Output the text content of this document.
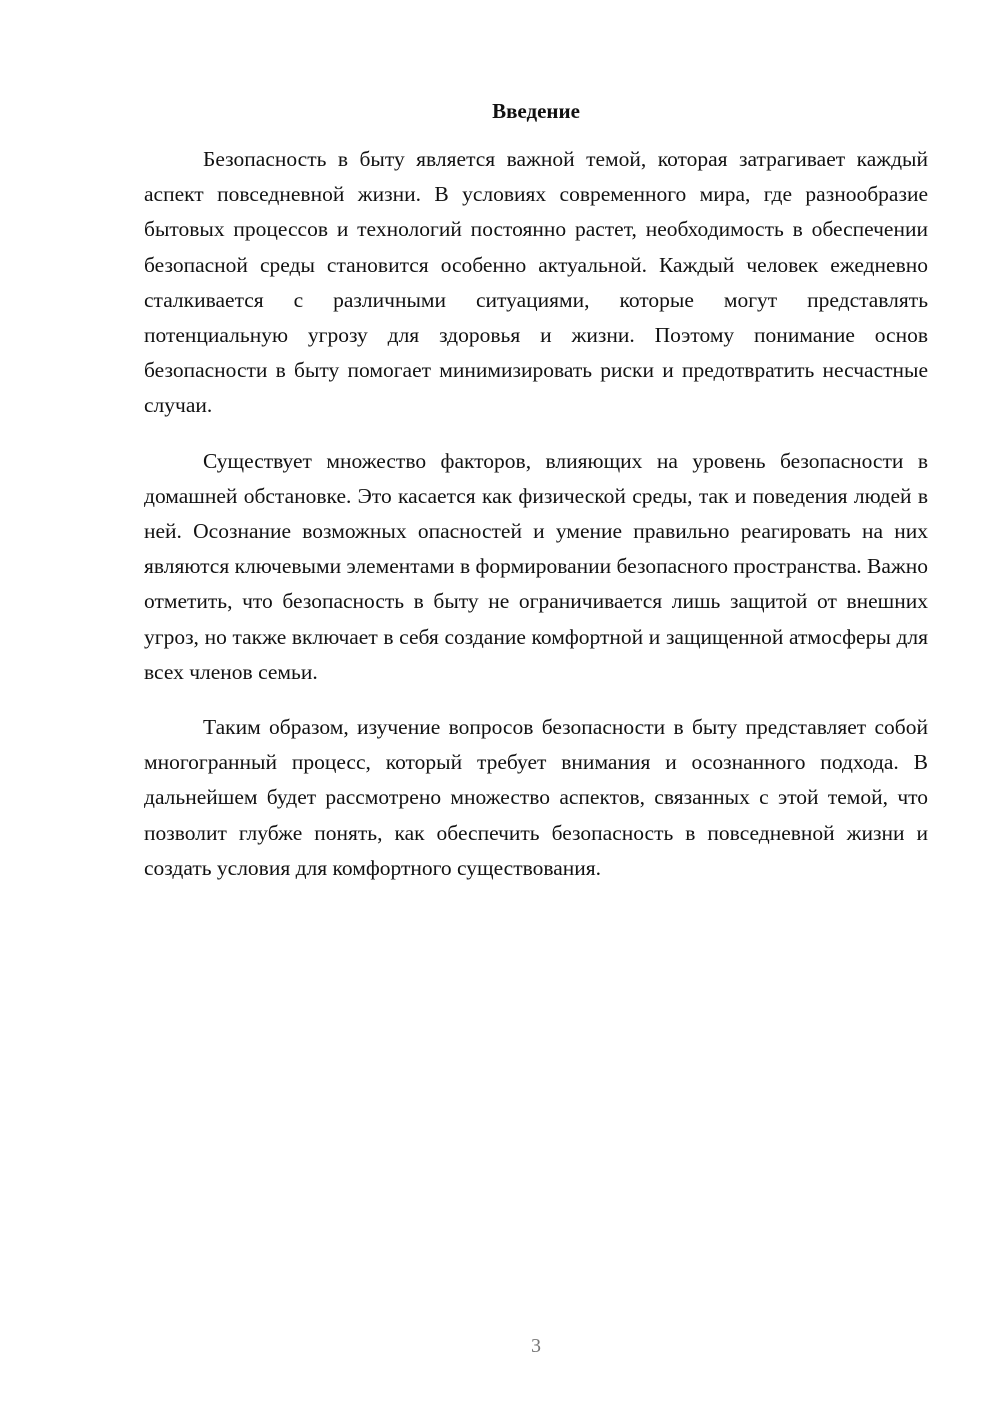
Введение

Безопасность в быту является важной темой, которая затрагивает каждый аспект повседневной жизни. В условиях современного мира, где разнообразие бытовых процессов и технологий постоянно растет, необходимость в обеспечении безопасной среды становится особенно актуальной. Каждый человек ежедневно сталкивается с различными ситуациями, которые могут представлять потенциальную угрозу для здоровья и жизни. Поэтому понимание основ безопасности в быту помогает минимизировать риски и предотвратить несчастные случаи.

Существует множество факторов, влияющих на уровень безопасности в домашней обстановке. Это касается как физической среды, так и поведения людей в ней. Осознание возможных опасностей и умение правильно реагировать на них являются ключевыми элементами в формировании безопасного пространства. Важно отметить, что безопасность в быту не ограничивается лишь защитой от внешних угроз, но также включает в себя создание комфортной и защищенной атмосферы для всех членов семьи.

Таким образом, изучение вопросов безопасности в быту представляет собой многогранный процесс, который требует внимания и осознанного подхода. В дальнейшем будет рассмотрено множество аспектов, связанных с этой темой, что позволит глубже понять, как обеспечить безопасность в повседневной жизни и создать условия для комфортного существования.

3
